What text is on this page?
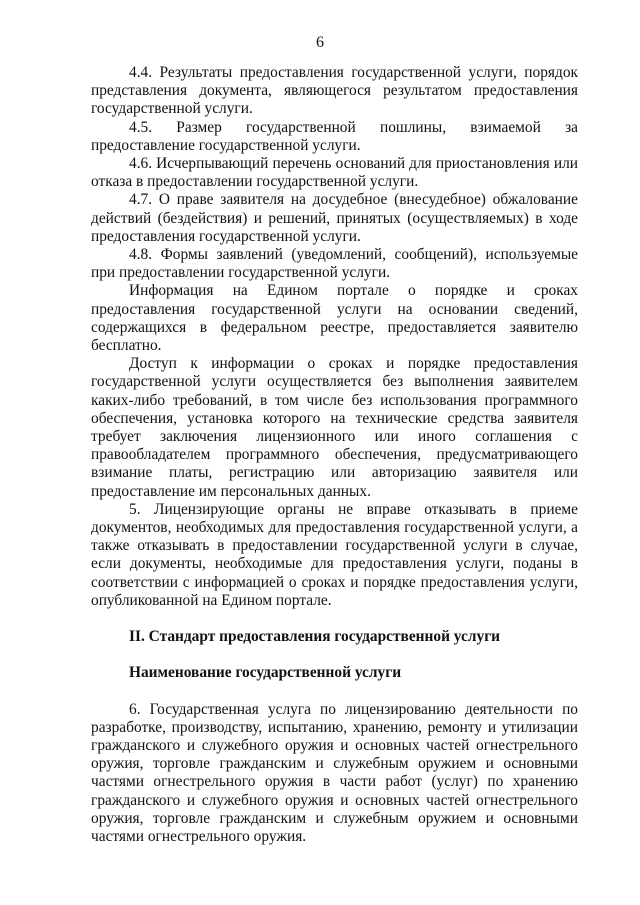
6

4.4. Результаты предоставления государственной услуги, порядок представления документа, являющегося результатом предоставления государственной услуги.

4.5. Размер государственной пошлины, взимаемой за предоставление государственной услуги.

4.6. Исчерпывающий перечень оснований для приостановления или отказа в предоставлении государственной услуги.

4.7. О праве заявителя на досудебное (внесудебное) обжалование действий (бездействия) и решений, принятых (осуществляемых) в ходе предоставления государственной услуги.

4.8. Формы заявлений (уведомлений, сообщений), используемые при предоставлении государственной услуги.

Информация на Едином портале о порядке и сроках предоставления государственной услуги на основании сведений, содержащихся в федеральном реестре, предоставляется заявителю бесплатно.

Доступ к информации о сроках и порядке предоставления государственной услуги осуществляется без выполнения заявителем каких-либо требований, в том числе без использования программного обеспечения, установка которого на технические средства заявителя требует заключения лицензионного или иного соглашения с правообладателем программного обеспечения, предусматривающего взимание платы, регистрацию или авторизацию заявителя или предоставление им персональных данных.

5. Лицензирующие органы не вправе отказывать в приеме документов, необходимых для предоставления государственной услуги, а также отказывать в предоставлении государственной услуги в случае, если документы, необходимые для предоставления услуги, поданы в соответствии с информацией о сроках и порядке предоставления услуги, опубликованной на Едином портале.

II. Стандарт предоставления государственной услуги

Наименование государственной услуги

6. Государственная услуга по лицензированию деятельности по разработке, производству, испытанию, хранению, ремонту и утилизации гражданского и служебного оружия и основных частей огнестрельного оружия, торговле гражданским и служебным оружием и основными частями огнестрельного оружия в части работ (услуг) по хранению гражданского и служебного оружия и основных частей огнестрельного оружия, торговле гражданским и служебным оружием и основными частями огнестрельного оружия.
